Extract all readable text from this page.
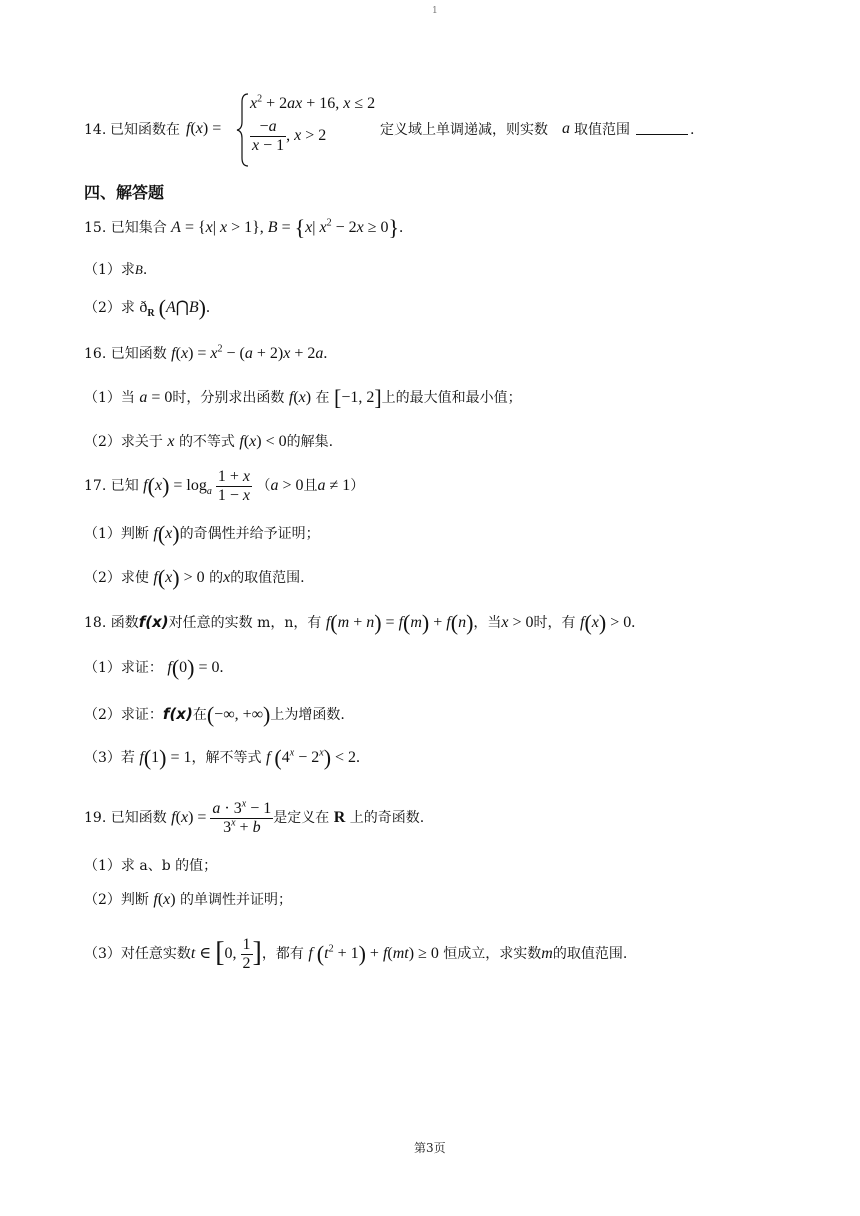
1
第3页
14. 已知函数在 f(x) =
$x^2 + 2ax + 16$, x ≤ 2
$\frac{-a}{x - 1}$ , x > 2	定义域上单调递减，则实数 a 取值范围	.
四、解答题
15. 已知集合 A = {x| x > 1}, B = {x| $x^2 - 2x \ge 0$}.
（1）求B.
（2）求 $ð_R$ (A⋂B).
16. 已知函数 $f(x) = x^2 - (a + 2)x + 2a$.
（1）当 a = 0时，分别求出函数 f(x) 在 [−1, 2]上的最大值和最小值；
（2）求关于 x 的不等式 f(x) < 0的解集.
17. 已知 $f(x) = \log_a \frac{1 + x}{1 - x} (a > 0$且a ≠ 1）
（1）判断 f(x)的奇偶性并给予证明；
（2）求使 f(x) > 0 的x的取值范围.
18. 函数f(x)对任意的实数 m，n，有 f(m + n) = f(m) + f(n)，当x > 0时，有 f(x) > 0.
（1）求证： f(0) = 0.
（2）求证：f(x)在(−∞, +∞)上为增函数.
（3）若 f(1) = 1，解不等式 f $(4^x - 2^x) < 2$.
19. 已知函数 $f(x) = \frac{a \cdot 3^x - 1}{3^x + b}$ 是定义在 R 上的奇函数.
（1）求 a、b 的值；
（2）判断 f(x) 的单调性并证明；
（3）对任意实数t ∈ [0, $\frac{1}{2}$ ]，都有 f $(t^2 + 1) + f(mt) \ge 0$ 恒成立，求实数m的取值范围.
